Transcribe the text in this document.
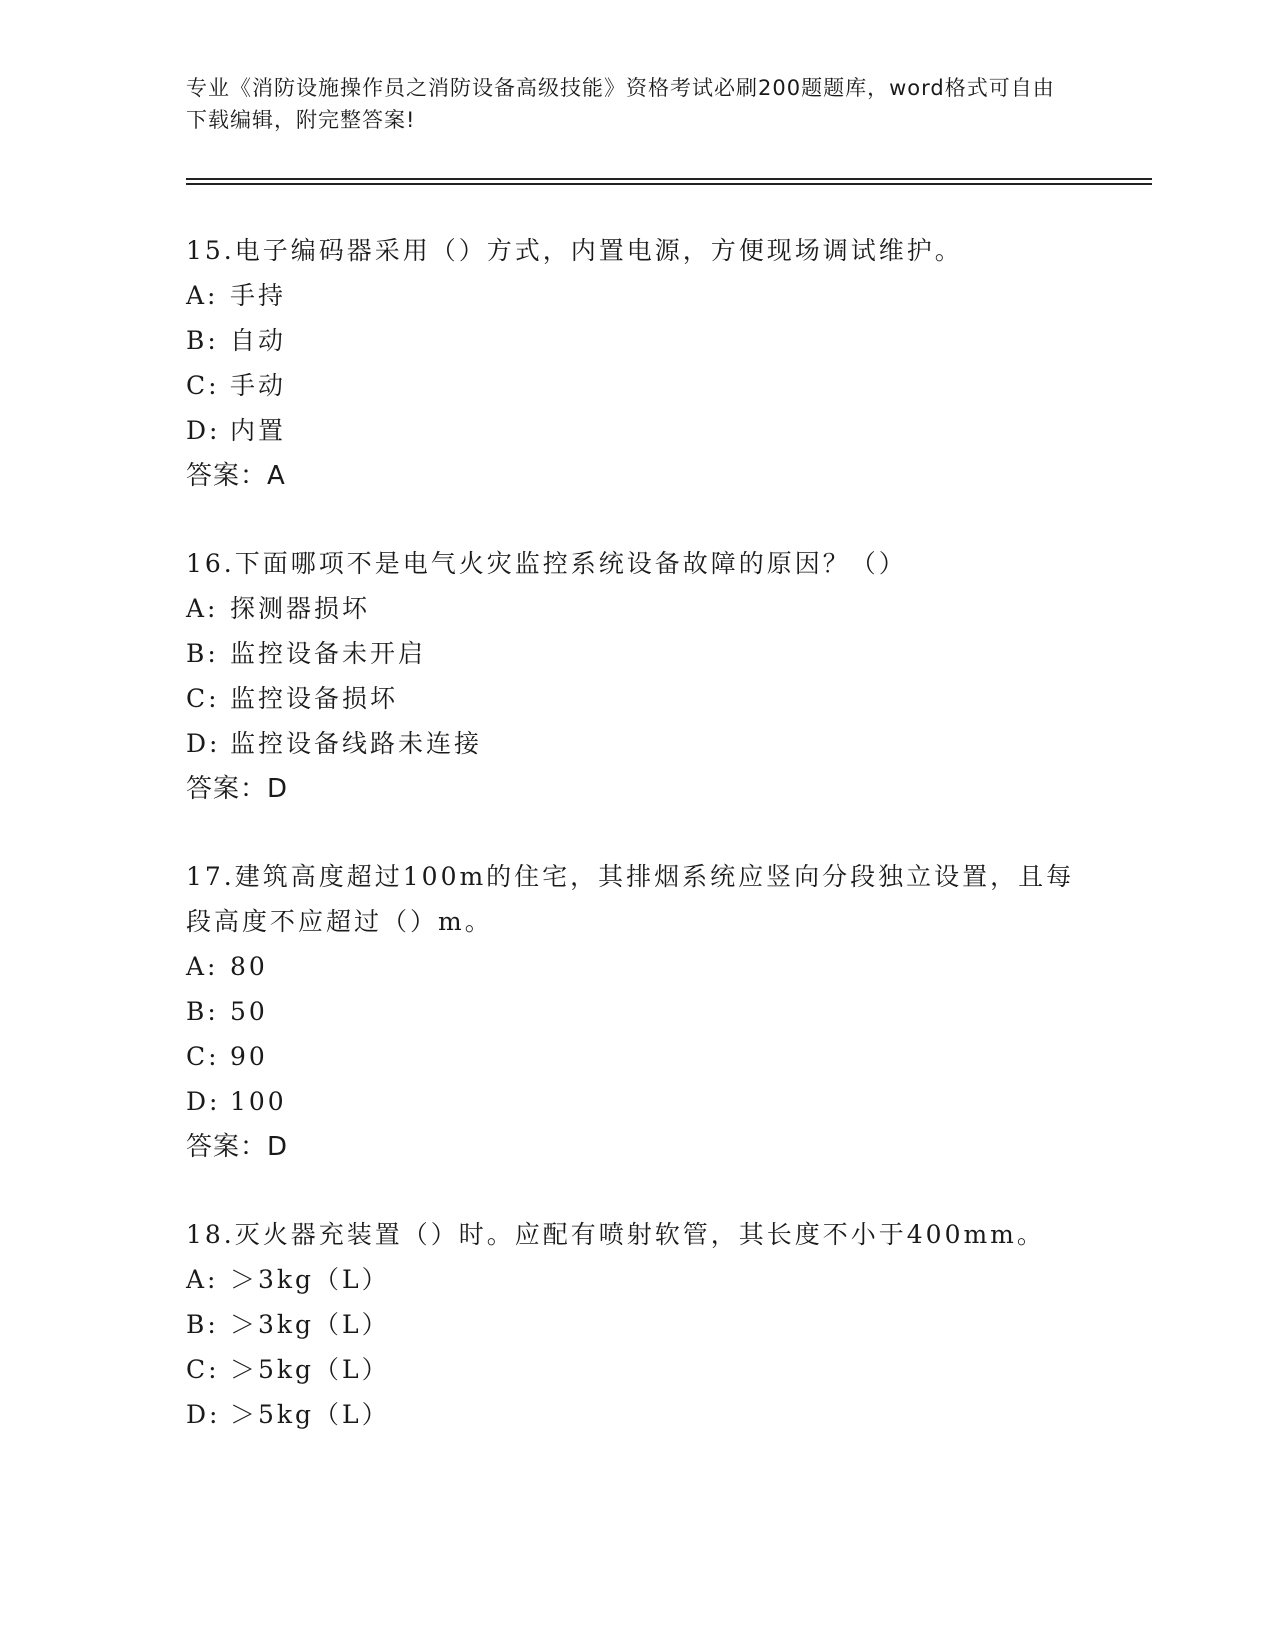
专业《消防设施操作员之消防设备高级技能》资格考试必刷200题题库，word格式可自由下载编辑，附完整答案!
15.电子编码器采用（）方式，内置电源，方便现场调试维护。
A: 手持
B: 自动
C: 手动
D: 内置
答案：A
16.下面哪项不是电气火灾监控系统设备故障的原因？（）
A: 探测器损坏
B: 监控设备未开启
C: 监控设备损坏
D: 监控设备线路未连接
答案：D
17.建筑高度超过100m的住宅，其排烟系统应竖向分段独立设置，且每段高度不应超过（）m。
A: 80
B: 50
C: 90
D: 100
答案：D
18.灭火器充装置（）时。应配有喷射软管，其长度不小于400mm。
A: ＞3kg（L）
B: ＞3kg（L）
C: ＞5kg（L）
D: ＞5kg（L）
